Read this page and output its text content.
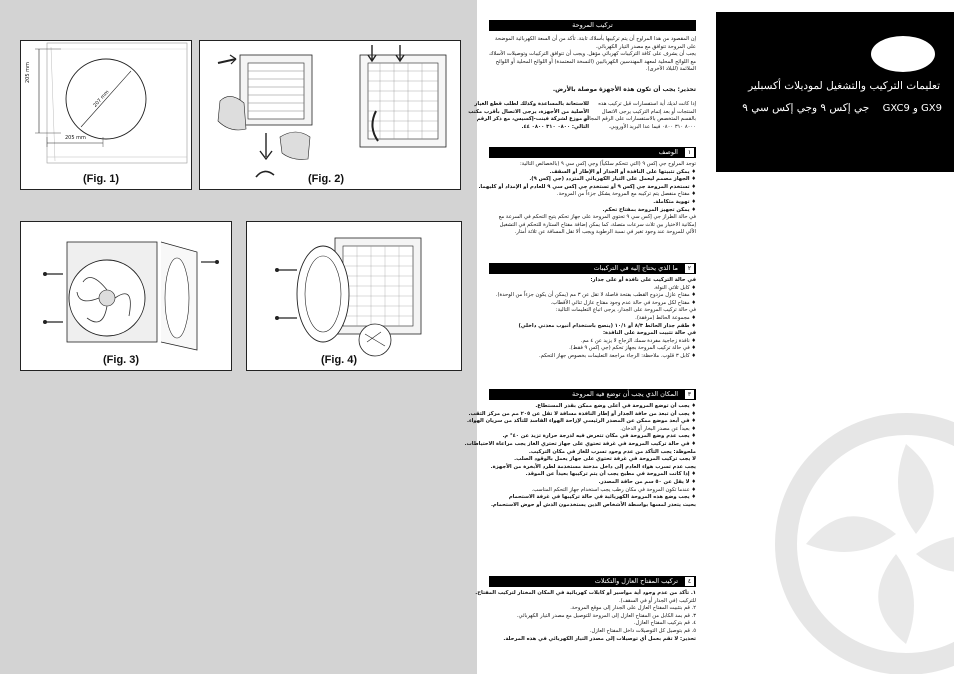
205 mm
207 mm
205 mm
(Fig. 1)	(Fig. 2)
(Fig. 3)	(Fig. 4)
تركيب المروحة

إن المقصود من هذا المراوح أن يتم تركيبها بأسلاك ثابتة. تأكد من أن السعة الكهربائية الموضحة

على المروحة تتوافق مع مصدر التيار الكهربائي.

يجب أن يشرف على كافة التركيبات كهربائي مؤهل. ويجب أن تتوافق التركيبات وتوصيلات الأسلاك

مع اللوائح المحلية لمعهد المهندسين الكهربائيين (النسخة المعتمدة) أو اللوائح المحلية أو اللوائح

الملائمة (للبلاد الأخرى).

تحذير: يجب أن تكون هذه الأجهزة موصلة بالأرض.

إذا كانت لديك أية استفسارات قبل تركيب هذه

المنتجات أو بعد إتمام التركيب يرجى الاتصال

بالقسم المتخصص بالاستفسارات على الرقم المجاني

٨٠٠٠ ٣١٠ ٠٨٠٠ فيما عدا البريد الأوروبي.

للاستعانة بالمساعدة وكذلك لطلب قطع الغيار

الأصلية من الأجهزة، يرجى الاتصال بأقرب مكتب

أو موزع لشركة فينت-إكسيس، مع ذكر الرقم

التالي: ٠٨٠٠ ٣١٠ ٠٨٠٠ ٤٤.

١
الوصف

توجد المراوح جي إكس ٩ (التي تتحكم سلكياً) وجي إكس سي ٩ (بالخصائص التالية:

♦ يمكن تثبيتها على النافذة أو الجدار أو الإطار أو السقف.

♦ الجهاز مصمم ليعمل على التيار الكهربائي المتردد (جي إكس ٩).

♦ تستخدم المروحة جي إكس ٩ أو تستخدم جي إكس سي ٩ للعادم أو الإمداد أو كليهما.

♦ مفتاح منفصل يتم تركيبه مع المروحة يشكل جزءاً من المروحة.

♦ تهوية متكاملة.

♦ يمكن تجهيز المروحة بمفتاح تحكم.

في حالة الطراز جي إكس سي ٩ تحتوي المروحة على جهاز تحكم يتيح التحكم في السرعة مع

إمكانية الاختيار بين ثلاث سرعات متصلة، كما يمكن إضافة مفتاح الستارة للتحكم في التشغيل

الآلي للمروحة عند وجود تغير في نسبة الرطوبة ويجب ألا تقل المسافة عن ثلاثة أمتار.

٢
ما الذي يحتاج إليه في التركيبات

في حالة التركيب على نافذة أو على جدار:

♦ كابل ثلاثي النواة.

♦ مفتاح عازل مزدوج القطب بفتحة فاصلة لا تقل عن ٣ مم (يمكن أن يكون جزءاً من الوحدة).

♦ مفتاح لكل مروحة في حالة عدم وجود مفتاح عازل ثنائي الأقطاب.

في حالة تركيب المروحة على الجدار، يرجى اتباع التعليمات التالية:

♦ مجموعة الحائط (مرفقة).

♦ طقم جدار الحائط ٨/٣ أو ١٠/١ (ينصح باستخدام أنبوب معدني داخلي)

في حالة تثبيت المروحة على النافذة:

♦ نافذة زجاجية مفردة سمك الزجاج لا يزيد عن ٤ مم.

♦ في حالة تركيب المروحة بجهاز تحكم (جي إكس ٩ فقط).

♦ كابل ٣ قلوب. ملاحظة: الرجاء مراجعة التعليمات بخصوص جهاز التحكم.

٣
المكان الذي يجب أن توضع فيه المروحة

♦ يجب أن توضع المروحة في أعلى وضع ممكن بقدر المستطاع.

♦ يجب أن تبعد من حافة الجدار أو إطار النافذة مسافة لا تقل عن ٢٠٥ مم من مركز الثقب.

♦ في أبعد موضع ممكن عن المصدر الرئيسي لإزاحة الهواء الفاسد للتأكد من سريان الهواء.

♦ بعيداً عن مصدر البخار أو الدخان.

♦ يجب عدم وضع المروحة في مكان تتعرض فيه لدرجة حرارة تزيد عن ٤٠° م.

♦ في حالة تركيب المروحة في غرفة تحتوي على جهاز تحتري الغاز يجب مراعاة الاحتياطات.

ملحوظة: يجب التأكد من عدم وجود تسرب للغاز في مكان التركيب.

لا يجب تركيب المروحة في غرفة تحتوي على جهاز يعمل بالوقود الصلب.

يجب عدم تسرب هواء العادم إلى داخل مدخنة مستخدمة لطرد الأبخرة من الأجهزة.

♦ إذا كانت المروحة في مطبخ يجب أن يتم تركيبها بعيداً عن الموقد.

♦ لا يقل عن ٥٠ سم من حافة المصدر.

♦ عندما تكون المروحة في مكان رطب يجب استخدام جهاز التحكم المناسب.

♦ يجب وضع هذه المروحة الكهربائية في حالة تركيبها في غرفة الاستحمام

بحيث يتعذر لمسها بواسطة الأشخاص الذين يستخدمون الدش أو حوض الاستحمام.

٤
تركيب المفتاح العازل والتكتلات

١. تأكد من عدم وجود أية مواسير أو كابلات كهربائية في المكان المختار لتركيب المفتاح.

للتركيب (في الجدار أو في السقف).

٢. قم بتثبيت المفتاح العازل على الجدار إلى موقع المروحة.

٣. قم بمد الكابل من المفتاح العازل إلى المروحة للتوصيل مع مصدر التيار الكهربائي.

٤. قم بتركيب المفتاح العازل.

٥. قم بتوصيل كل التوصيلات داخل المفتاح العازل.

تحذير: لا تقم بعمل أي توصيلات إلى مصدر التيار الكهربائي في هذه المرحلة.

تعليمات التركيب والتشغيل لموديلات أكسبلير
GX9 و GXC9 جي إكس ٩ وجي إكس سي ٩
